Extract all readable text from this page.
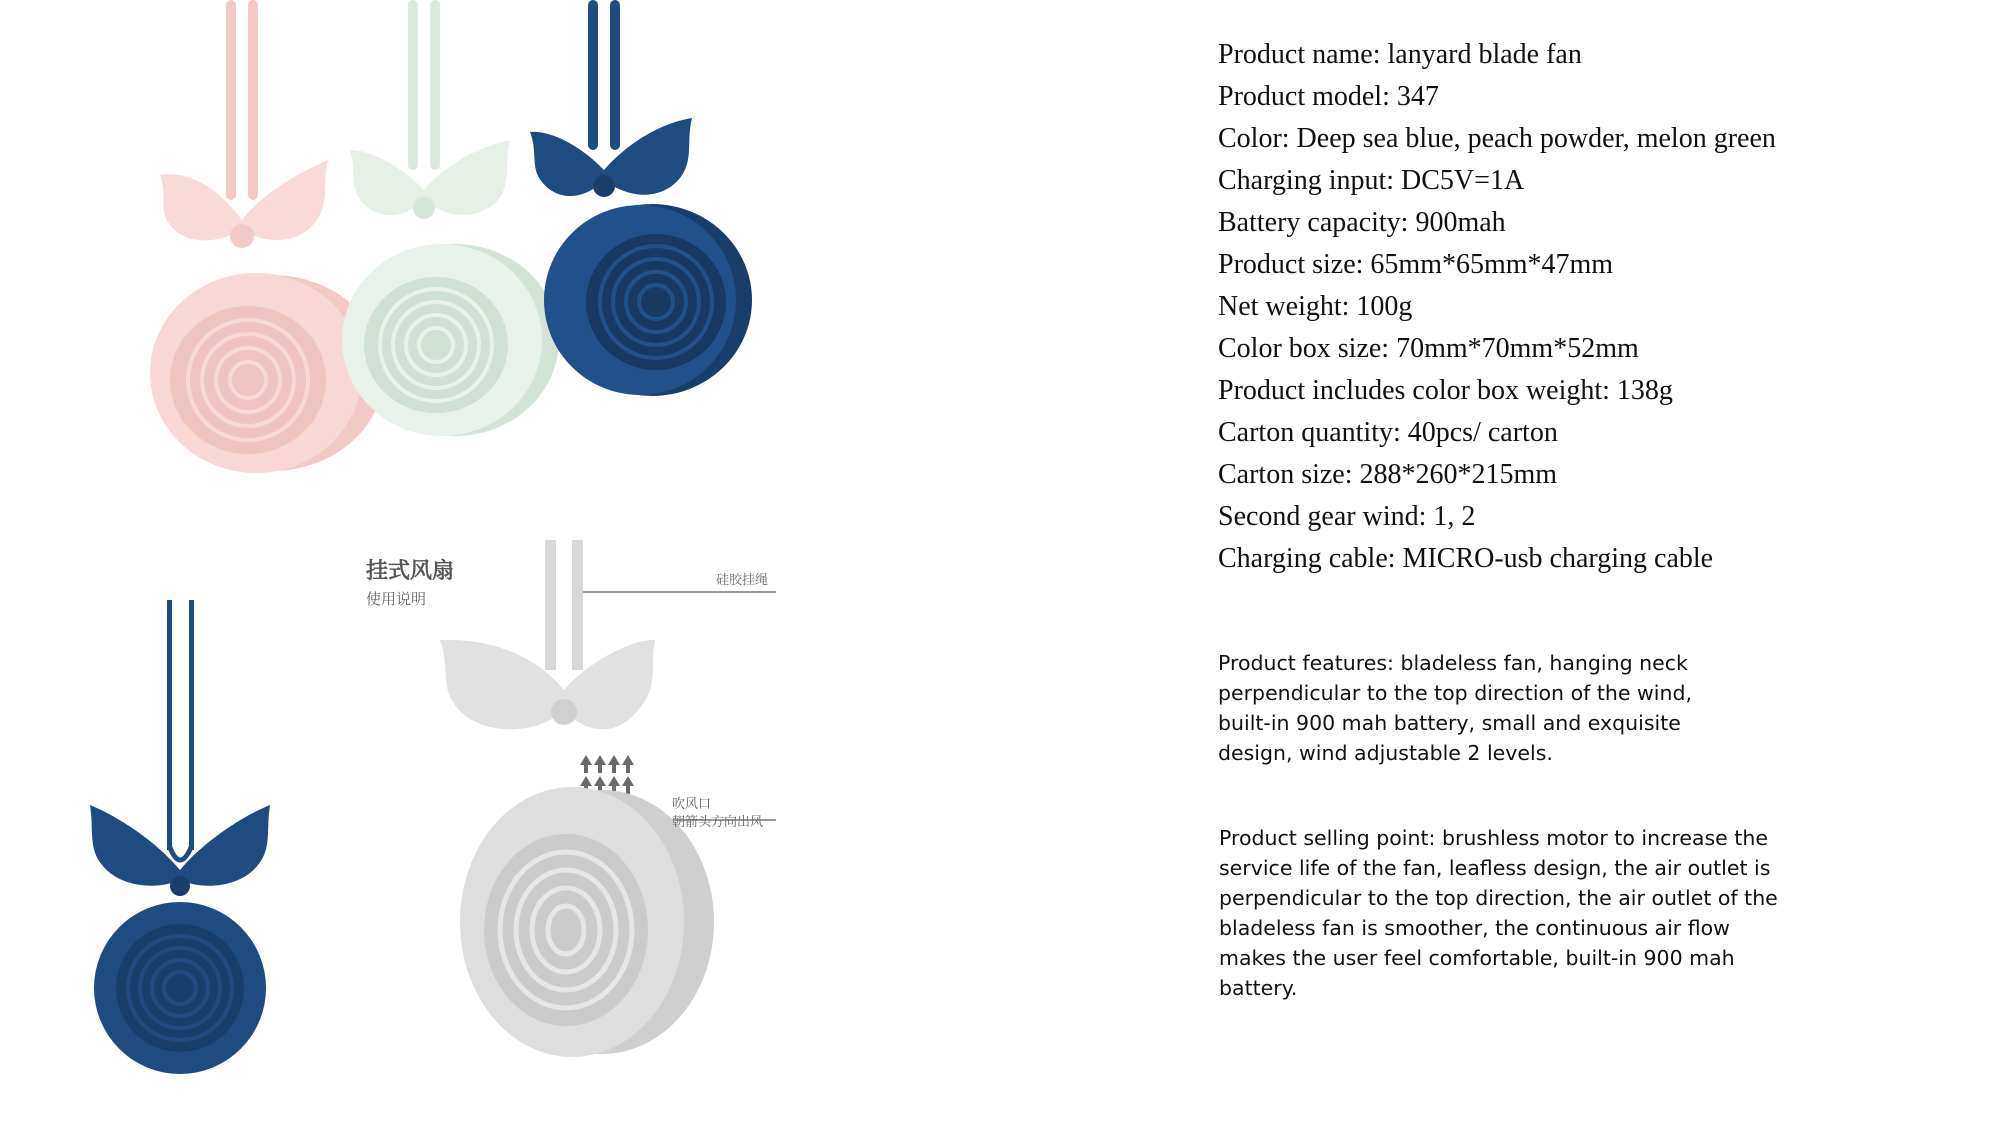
挂式风扇
使用说明
硅胶挂绳
吹风口
朝箭头方向出风
Product name: lanyard blade fan
Product model: 347
Color: Deep sea blue, peach powder, melon green
Charging input: DC5V=1A
Battery capacity: 900mah
Product size: 65mm*65mm*47mm
Net weight: 100g
Color box size: 70mm*70mm*52mm
Product includes color box weight: 138g
Carton quantity: 40pcs/ carton
Carton size: 288*260*215mm
Second gear wind: 1, 2
Charging cable: MICRO-usb charging cable

Product features: bladeless fan, hanging neck perpendicular to the top direction of the wind, built-in 900 mah battery, small and exquisite design, wind adjustable 2 levels.

Product selling point: brushless motor to increase the service life of the fan, leafless design, the air outlet is perpendicular to the top direction, the air outlet of the bladeless fan is smoother, the continuous air flow makes the user feel comfortable, built-in 900 mah battery.
